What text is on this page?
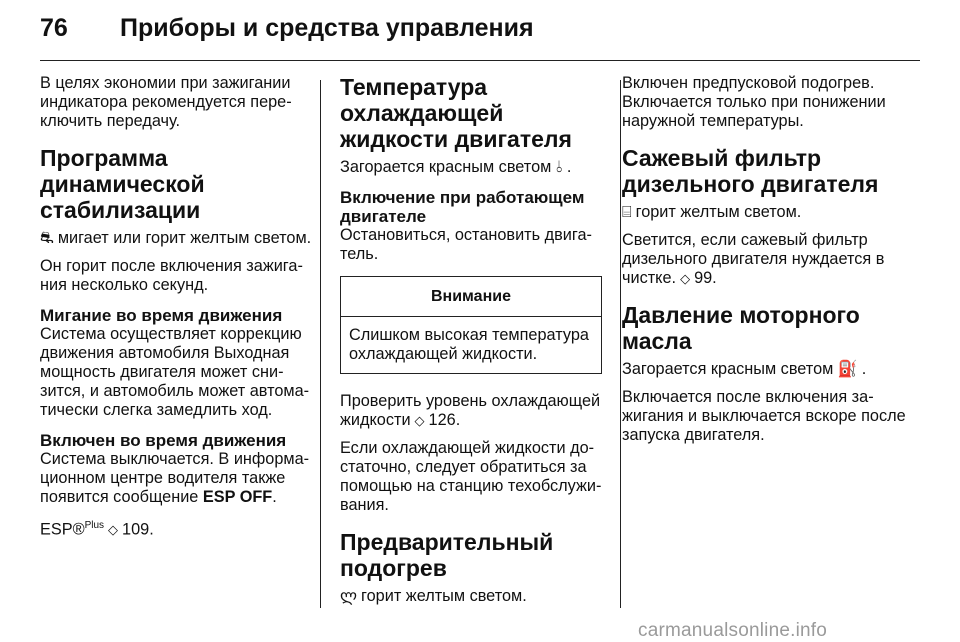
76 Приборы и средства управления

В целях экономии при зажигании индикатора рекомендуется пере-ключить передачу.

Программа динамической стабилизации

⛐ мигает или горит желтым светом.

Он горит после включения зажига-ния несколько секунд.

Мигание во время движения

Система осуществляет коррекцию движения автомобиля Выходная мощность двигателя может сни-зится, и автомобиль может автома-тически слегка замедлить ход.

Включен во время движения

Система выключается. В информа-ционном центре водителя также появится сообщение ESP OFF.

ESP®$^{Plus}$ ◇ 109.

Температура охлаждающей жидкости двигателя

Загорается красным светом ⫰ .

Включение при работающем двигателе

Остановиться, остановить двига-тель.

Внимание
Слишком высокая температура охлаждающей жидкости.

Проверить уровень охлаждающей жидкости ◇ 126.

Если охлаждающей жидкости до-статочно, следует обратиться за помощью на станцию техобслужи-вания.

Предварительный подогрев

ლ горит желтым светом.

Включен предпусковой подогрев. Включается только при понижении наружной температуры.

Сажевый фильтр дизельного двигателя

⌸ горит желтым светом.

Светится, если сажевый фильтр дизельного двигателя нуждается в чистке. ◇ 99.

Давление моторного масла

Загорается красным светом ⛽ .

Включается после включения за-жигания и выключается вскоре после запуска двигателя.

carmanualsonline.info
